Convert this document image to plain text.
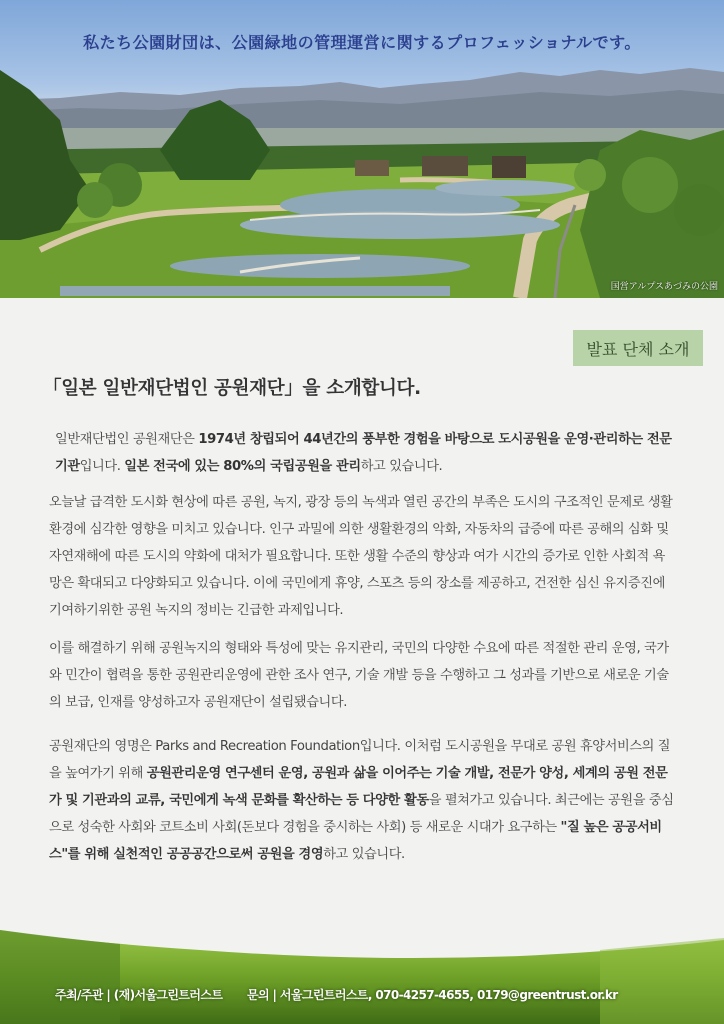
私たち公園財団は、公園緑地の管理運営に関するプロフェッショナルです。
国営アルプスあづみの公園
발표 단체 소개
「일본 일반재단법인 공원재단」을 소개합니다.

일반재단법인 공원재단은 1974년 창립되어 44년간의 풍부한 경험을 바탕으로 도시공원을 운영·관리하는 전문 기관입니다. 일본 전국에 있는 80%의 국립공원을 관리하고 있습니다.

오늘날 급격한 도시화 현상에 따른 공원, 녹지, 광장 등의 녹색과 열린 공간의 부족은 도시의 구조적인 문제로 생활 환경에 심각한 영향을 미치고 있습니다. 인구 과밀에 의한 생활환경의 악화, 자동차의 급증에 따른 공해의 심화 및 자연재해에 따른 도시의 약화에 대처가 필요합니다. 또한 생활 수준의 향상과 여가 시간의 증가로 인한 사회적 욕망은 확대되고 다양화되고 있습니다. 이에 국민에게 휴양, 스포츠 등의 장소를 제공하고, 건전한 심신 유지증진에 기여하기위한 공원 녹지의 정비는 긴급한 과제입니다.

이를 해결하기 위해 공원녹지의 형태와 특성에 맞는 유지관리, 국민의 다양한 수요에 따른 적절한 관리 운영, 국가와 민간이 협력을 통한 공원관리운영에 관한 조사 연구, 기술 개발 등을 수행하고 그 성과를 기반으로 새로운 기술의 보급, 인재를 양성하고자 공원재단이 설립됐습니다.

공원재단의 영명은 Parks and Recreation Foundation입니다. 이처럼 도시공원을 무대로 공원 휴양서비스의 질을 높여가기 위해 공원관리운영 연구센터 운영, 공원과 삶을 이어주는 기술 개발, 전문가 양성, 세계의 공원 전문가 및 기관과의 교류, 국민에게 녹색 문화를 확산하는 등 다양한 활동을 펼쳐가고 있습니다. 최근에는 공원을 중심으로 성숙한 사회와 코트소비 사회(돈보다 경험을 중시하는 사회) 등 새로운 시대가 요구하는 "질 높은 공공서비스"를 위해 실천적인 공공공간으로써 공원을 경영하고 있습니다.

주최/주관 | (재)서울그린트러스트 문의 | 서울그린트러스트, 070-4257-4655, 0179@greentrust.or.kr
